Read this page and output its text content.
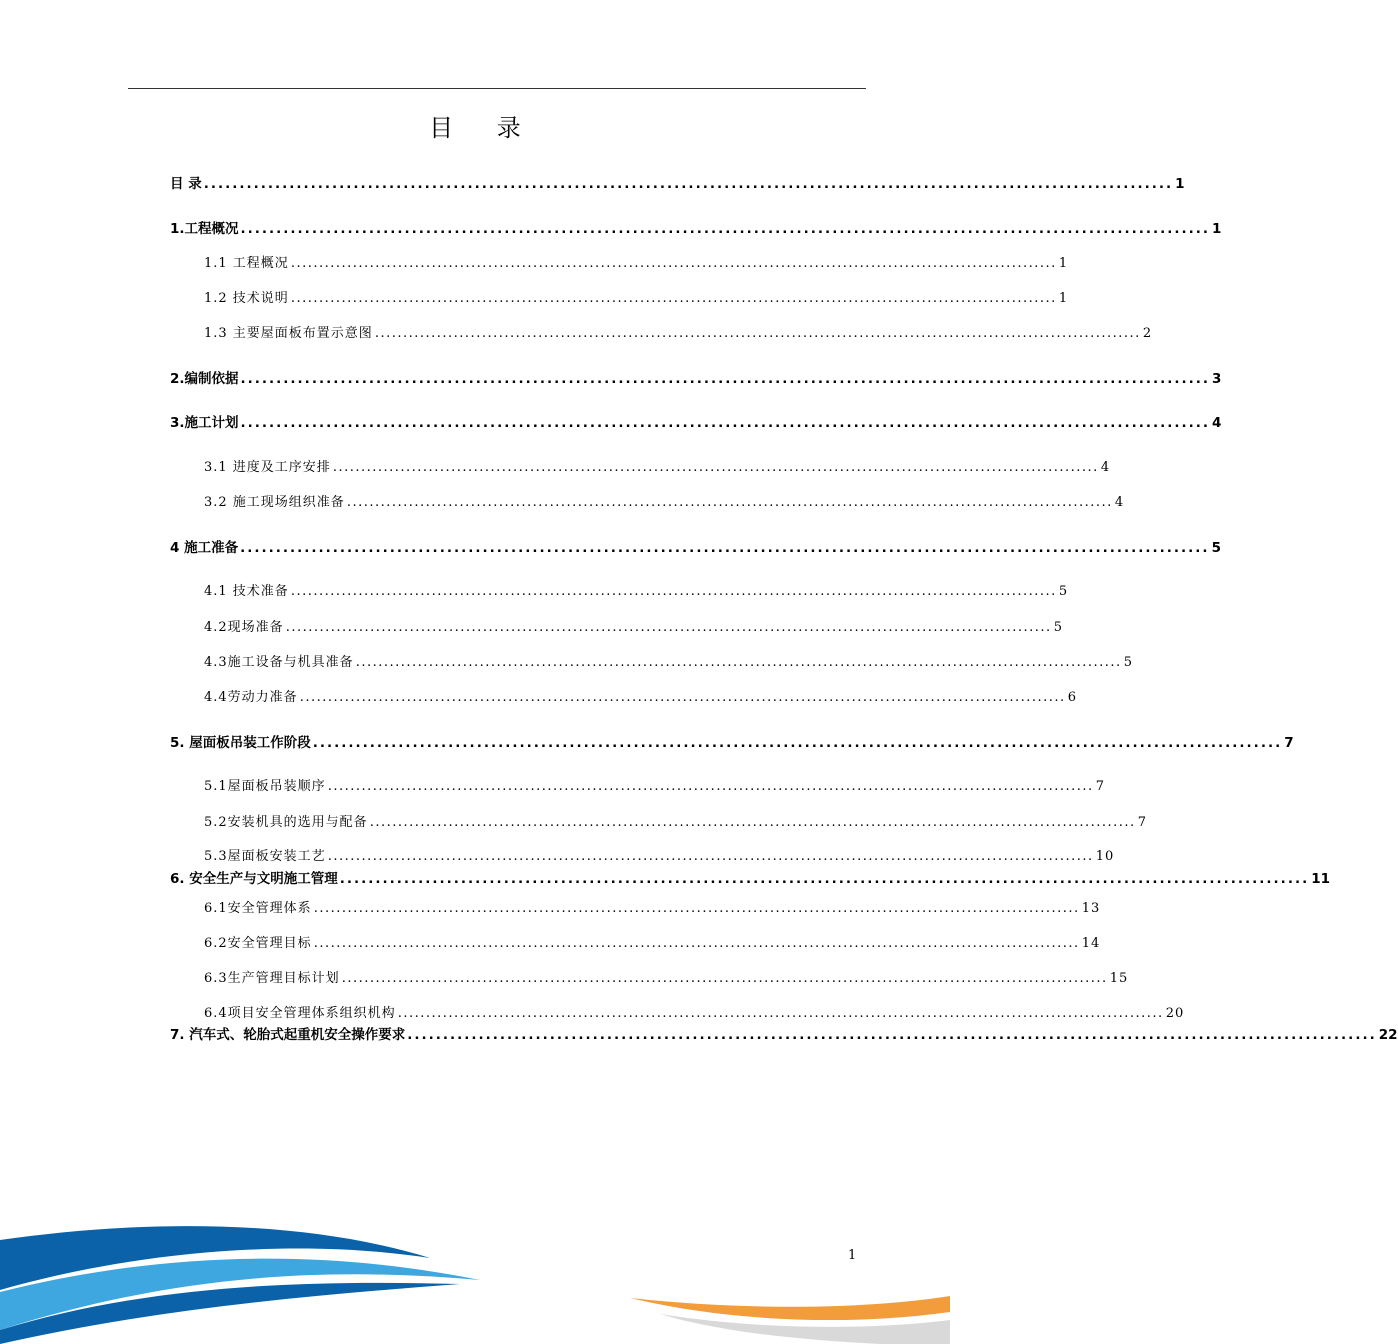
目 录
目 录 ........................................................................................................................................ 1
1.工程概况 ........................................................................................................................................ 1
1.1 工程概况 ........................................................................................................................................ 1
1.2 技术说明 ........................................................................................................................................ 1
1.3 主要屋面板布置示意图 ........................................................................................................................................ 2
2.编制依据 ........................................................................................................................................ 3
3.施工计划 ........................................................................................................................................ 4
3.1 进度及工序安排 ........................................................................................................................................ 4
3.2 施工现场组织准备 ........................................................................................................................................ 4
4 施工准备 ........................................................................................................................................ 5
4.1 技术准备 ........................................................................................................................................ 5
4.2现场准备 ........................................................................................................................................ 5
4.3施工设备与机具准备 ........................................................................................................................................ 5
4.4劳动力准备 ........................................................................................................................................ 6
5. 屋面板吊装工作阶段 ........................................................................................................................................ 7
5.1屋面板吊装顺序 ........................................................................................................................................ 7
5.2安装机具的选用与配备 ........................................................................................................................................ 7
5.3屋面板安装工艺 ........................................................................................................................................ 10
6. 安全生产与文明施工管理 ........................................................................................................................................ 11
6.1安全管理体系 ........................................................................................................................................ 13
6.2安全管理目标 ........................................................................................................................................ 14
6.3生产管理目标计划 ........................................................................................................................................ 15
6.4项目安全管理体系组织机构 ........................................................................................................................................ 20
7. 汽车式、轮胎式起重机安全操作要求 ........................................................................................................................................ 22
1
